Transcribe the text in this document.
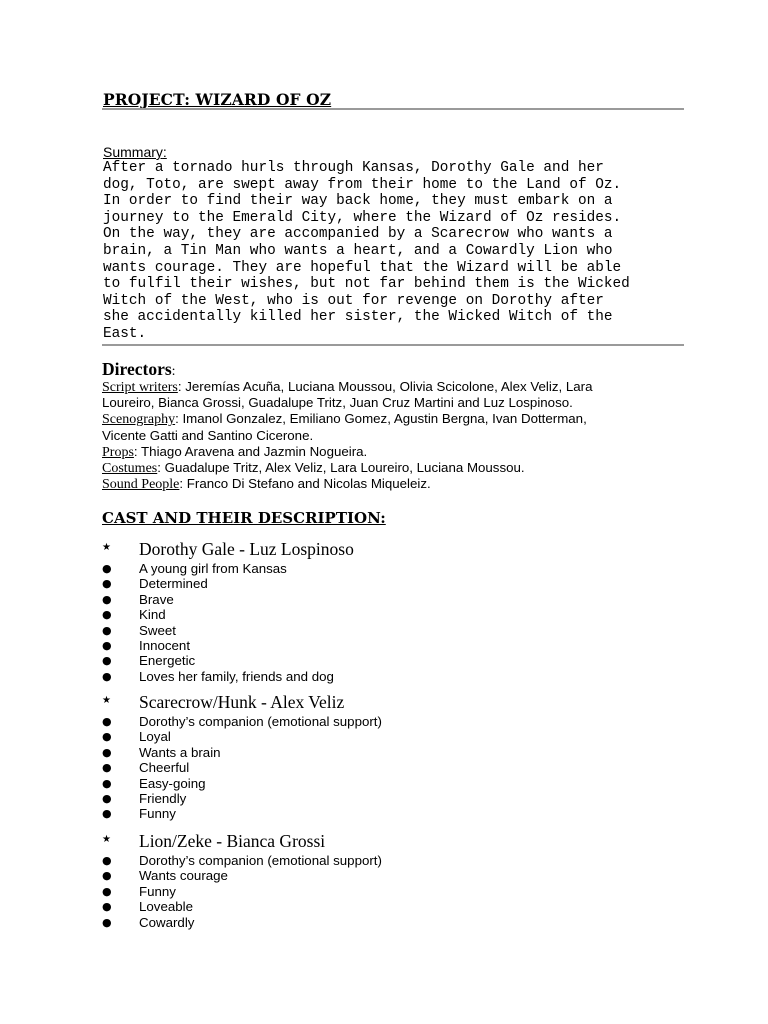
PROJECT: WIZARD OF OZ
Summary:
After a tornado hurls through Kansas, Dorothy Gale and her
dog, Toto, are swept away from their home to the Land of Oz.
In order to find their way back home, they must embark on a
journey to the Emerald City, where the Wizard of Oz resides.
On the way, they are accompanied by a Scarecrow who wants a
brain, a Tin Man who wants a heart, and a Cowardly Lion who
wants courage. They are hopeful that the Wizard will be able
to fulfil their wishes, but not far behind them is the Wicked
Witch of the West, who is out for revenge on Dorothy after
she accidentally killed her sister, the Wicked Witch of the
East.
Directors:
Script writers: Jeremías Acuña, Luciana Moussou, Olivia Scicolone, Alex Veliz, Lara
Loureiro, Bianca Grossi, Guadalupe Tritz, Juan Cruz Martini and Luz Lospinoso.
Scenography: Imanol Gonzalez, Emiliano Gomez, Agustin Bergna, Ivan Dotterman,
Vicente Gatti and Santino Cicerone.
Props: Thiago Aravena and Jazmin Nogueira.
Costumes: Guadalupe Tritz, Alex Veliz, Lara Loureiro, Luciana Moussou.
Sound People: Franco Di Stefano and Nicolas Miqueleiz.
CAST AND THEIR DESCRIPTION:
★ Dorothy Gale - Luz Lospinoso
● A young girl from Kansas
● Determined
● Brave
● Kind
● Sweet
● Innocent
● Energetic
● Loves her family, friends and dog
★ Scarecrow/Hunk - Alex Veliz
● Dorothy’s companion (emotional support)
● Loyal
● Wants a brain
● Cheerful
● Easy-going
● Friendly
● Funny
★ Lion/Zeke - Bianca Grossi
● Dorothy’s companion (emotional support)
● Wants courage
● Funny
● Loveable
● Cowardly
